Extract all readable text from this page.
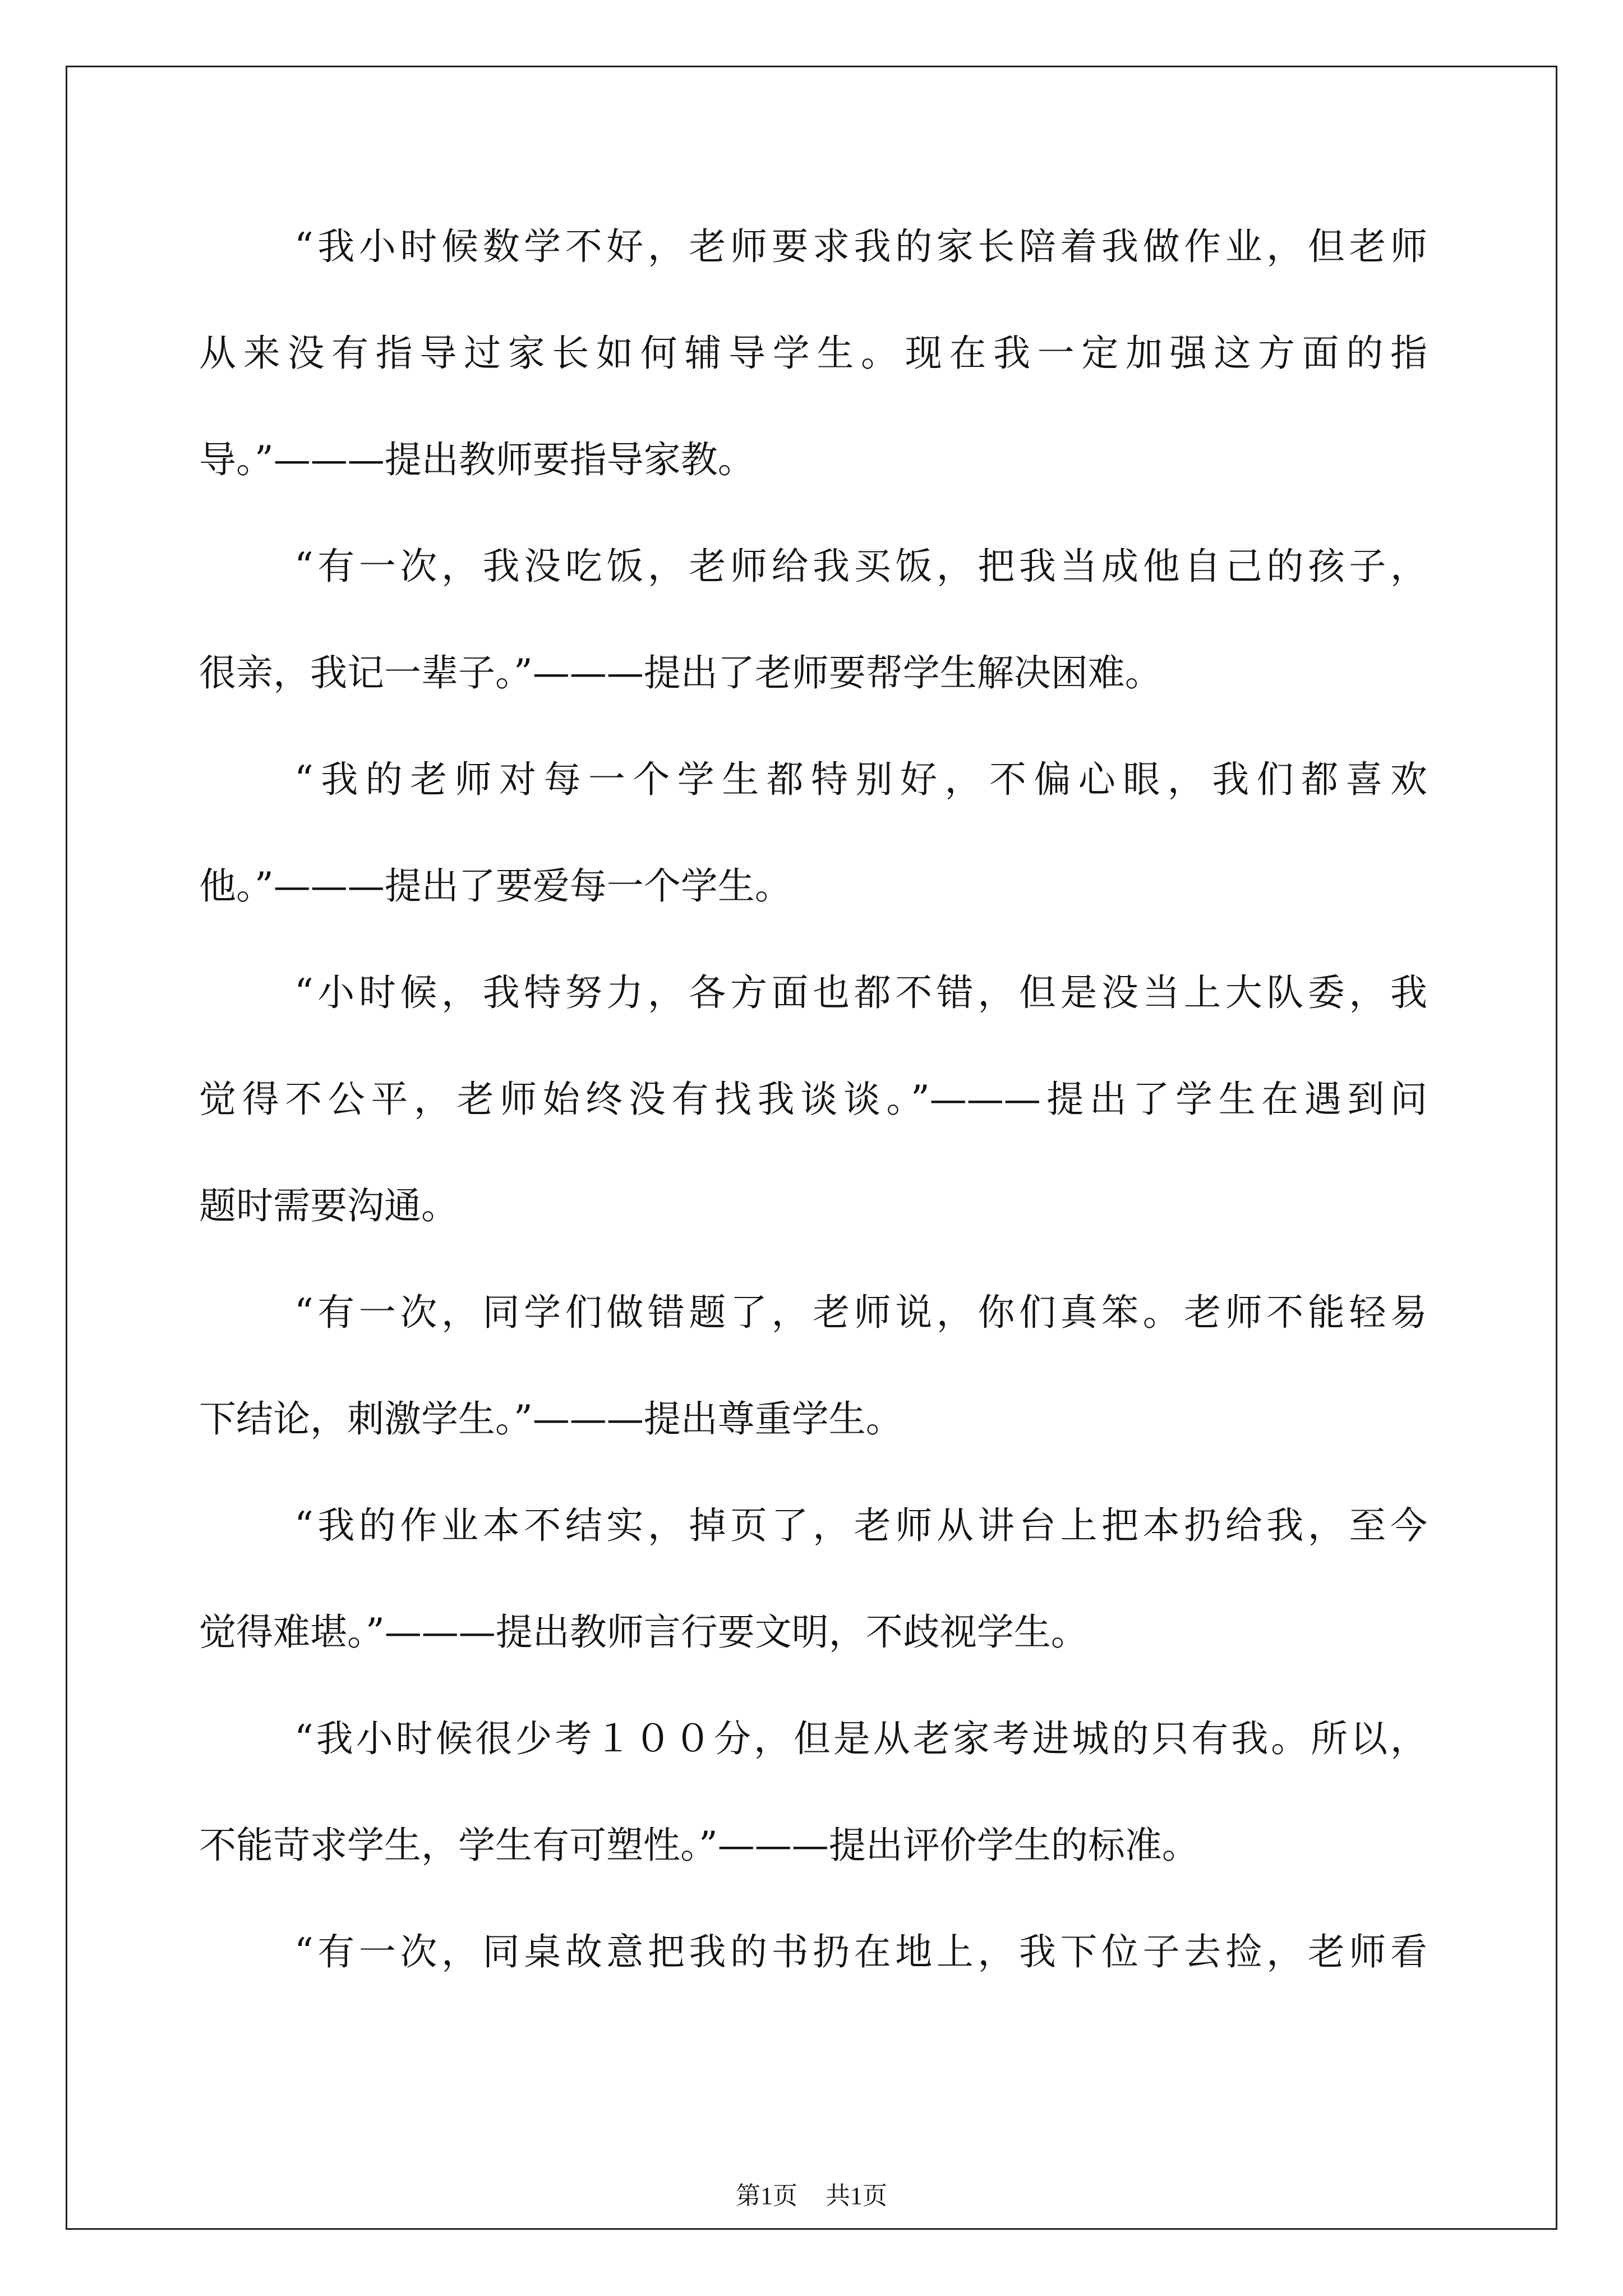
“我小时候数学不好，老师要求我的家长陪着我做作业，但老师
从来没有指导过家长如何辅导学生。现在我一定加强这方面的指
导。”———提出教师要指导家教。
“有一次，我没吃饭，老师给我买饭，把我当成他自己的孩子，
很亲，我记一辈子。”———提出了老师要帮学生解决困难。
“我的老师对每一个学生都特别好，不偏心眼，我们都喜欢
他。”———提出了要爱每一个学生。
“小时候，我特努力，各方面也都不错，但是没当上大队委，我
觉得不公平，老师始终没有找我谈谈。”———提出了学生在遇到问
题时需要沟通。
“有一次，同学们做错题了，老师说，你们真笨。老师不能轻易
下结论，刺激学生。”———提出尊重学生。
“我的作业本不结实，掉页了，老师从讲台上把本扔给我，至今
觉得难堪。”———提出教师言行要文明，不歧视学生。
“我小时候很少考１００分，但是从老家考进城的只有我。所以，
不能苛求学生，学生有可塑性。”———提出评价学生的标准。
“有一次，同桌故意把我的书扔在地上，我下位子去捡，老师看
第1页 共1页
